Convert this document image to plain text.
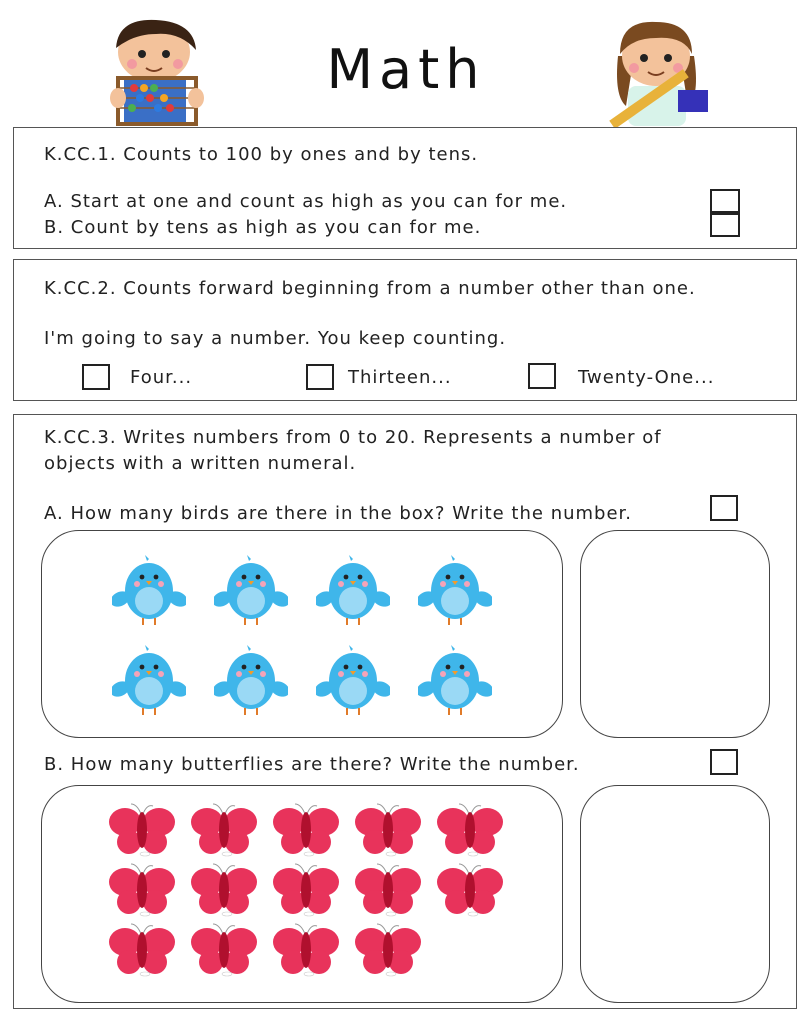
Math
K.CC.1. Counts to 100 by ones and by tens.
A. Start at one and count as high as you can for me.
B. Count by tens as high as you can for me.
K.CC.2. Counts forward beginning from a number other than one.
I'm going to say a number. You keep counting.
Four...	Thirteen...	Twenty-One...
K.CC.3. Writes numbers from 0 to 20. Represents a number of
objects with a written numeral.
A. How many birds are there in the box? Write the number.
B. How many butterflies are there? Write the number.
